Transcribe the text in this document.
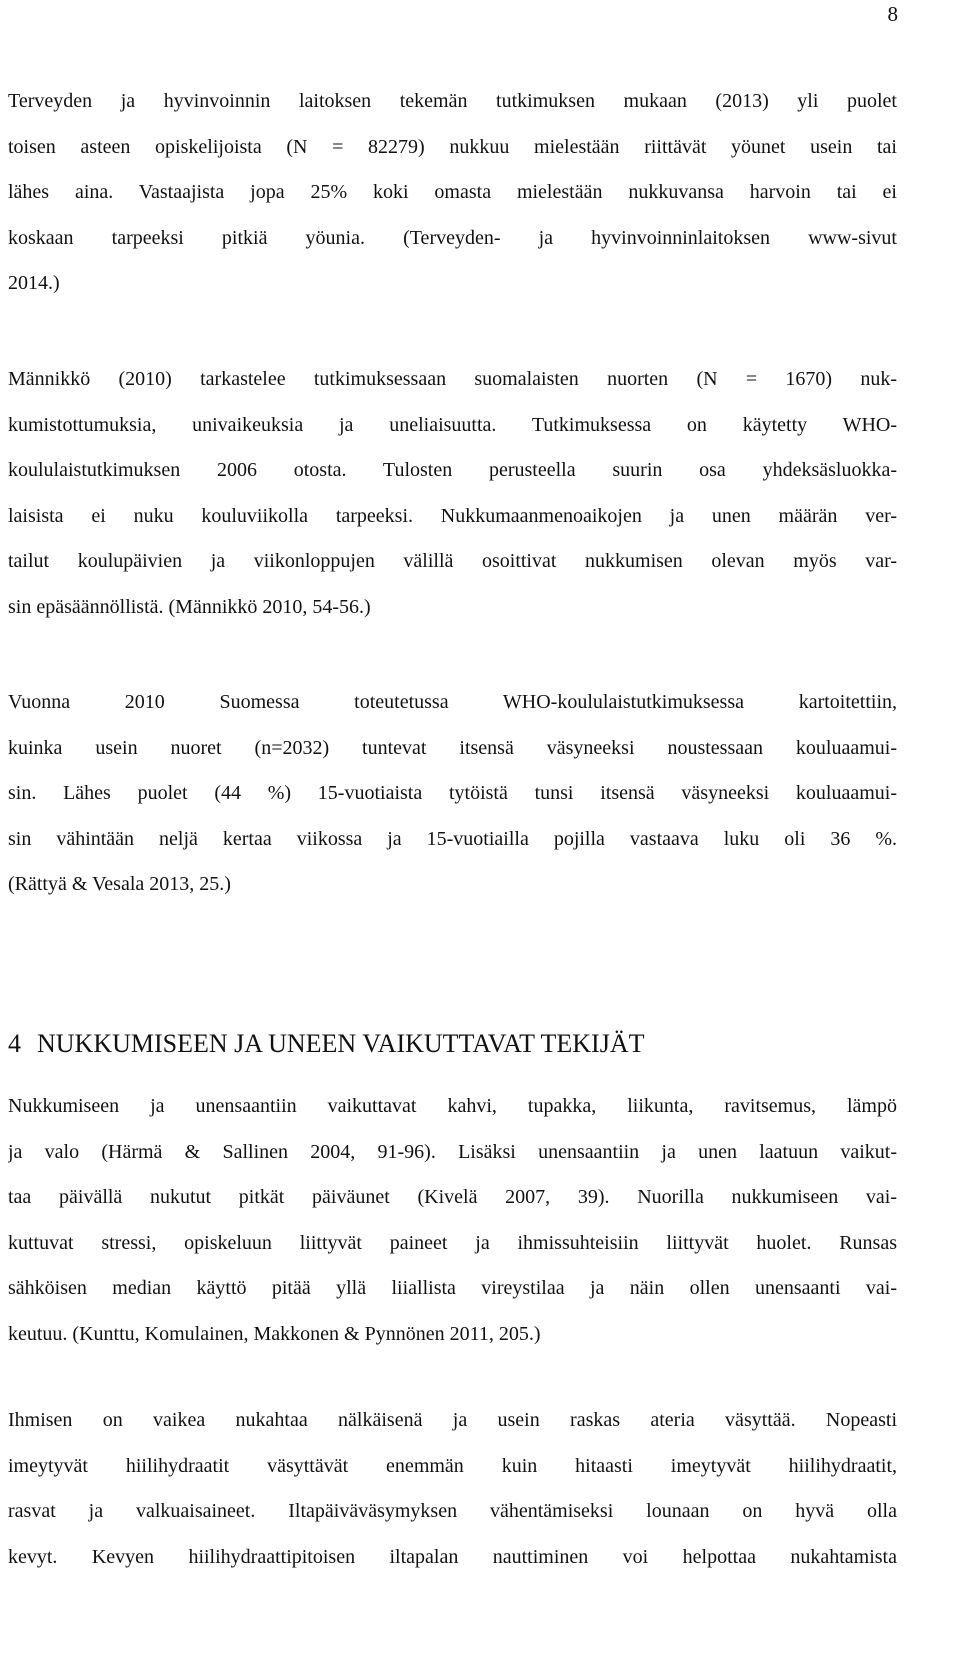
8
Terveyden ja hyvinvoinnin laitoksen tekemän tutkimuksen mukaan (2013) yli puolet
toisen asteen opiskelijoista (N = 82279) nukkuu mielestään riittävät yöunet usein tai
lähes aina. Vastaajista jopa 25% koki omasta mielestään nukkuvansa harvoin tai ei
koskaan tarpeeksi pitkiä yöunia. (Terveyden- ja hyvinvoinninlaitoksen www-sivut
2014.)
Männikkö (2010) tarkastelee tutkimuksessaan suomalaisten nuorten (N = 1670) nuk-
kumistottumuksia, univaikeuksia ja uneliaisuutta. Tutkimuksessa on käytetty WHO-
koululaistutkimuksen 2006 otosta. Tulosten perusteella suurin osa yhdeksäsluokka-
laisista ei nuku kouluviikolla tarpeeksi. Nukkumaanmenoaikojen ja unen määrän ver-
tailut koulupäivien ja viikonloppujen välillä osoittivat nukkumisen olevan myös var-
sin epäsäännöllistä. (Männikkö 2010, 54-56.)
Vuonna 2010 Suomessa toteutetussa WHO-koululaistutkimuksessa kartoitettiin,
kuinka usein nuoret (n=2032) tuntevat itsensä väsyneeksi noustessaan kouluaamui-
sin. Lähes puolet (44 %) 15-vuotiaista tytöistä tunsi itsensä väsyneeksi kouluaamui-
sin vähintään neljä kertaa viikossa ja 15-vuotiailla pojilla vastaava luku oli 36 %.
(Rättyä & Vesala 2013, 25.)
4 NUKKUMISEEN JA UNEEN VAIKUTTAVAT TEKIJÄT
Nukkumiseen ja unensaantiin vaikuttavat kahvi, tupakka, liikunta, ravitsemus, lämpö
ja valo (Härmä & Sallinen 2004, 91-96). Lisäksi unensaantiin ja unen laatuun vaikut-
taa päivällä nukutut pitkät päiväunet (Kivelä 2007, 39). Nuorilla nukkumiseen vai-
kuttuvat stressi, opiskeluun liittyvät paineet ja ihmissuhteisiin liittyvät huolet. Runsas
sähköisen median käyttö pitää yllä liiallista vireystilaa ja näin ollen unensaanti vai-
keutuu. (Kunttu, Komulainen, Makkonen & Pynnönen 2011, 205.)
Ihmisen on vaikea nukahtaa nälkäisenä ja usein raskas ateria väsyttää. Nopeasti
imeytyvät hiilihydraatit väsyttävät enemmän kuin hitaasti imeytyvät hiilihydraatit,
rasvat ja valkuaisaineet. Iltapäiväväsymyksen vähentämiseksi lounaan on hyvä olla
kevyt. Kevyen hiilihydraattipitoisen iltapalan nauttiminen voi helpottaa nukahtamista
